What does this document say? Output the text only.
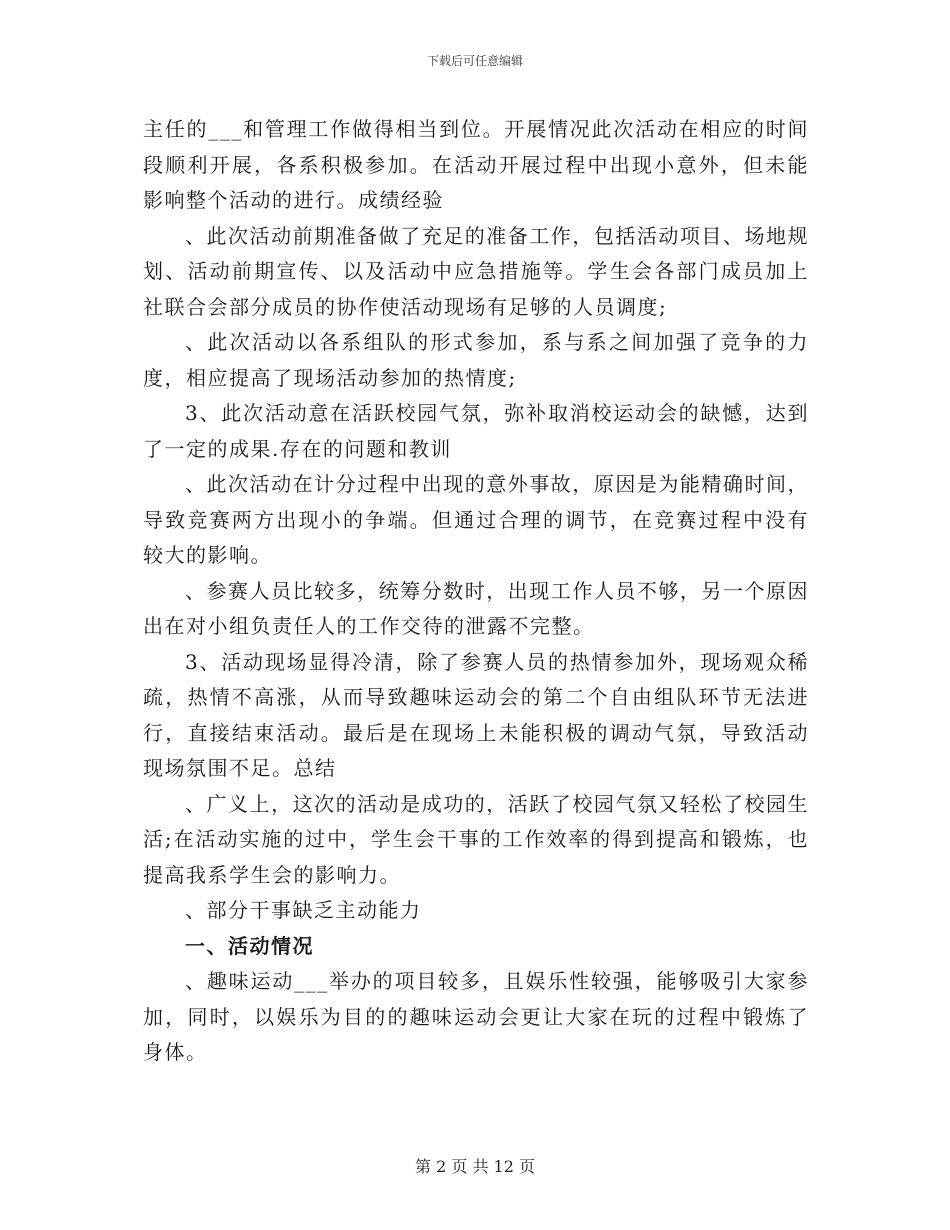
下载后可任意编辑

主任的___和管理工作做得相当到位。开展情况此次活动在相应的时间段顺利开展，各系积极参加。在活动开展过程中出现小意外，但未能影响整个活动的进行。成绩经验

、此次活动前期准备做了充足的准备工作，包括活动项目、场地规划、活动前期宣传、以及活动中应急措施等。学生会各部门成员加上社联合会部分成员的协作使活动现场有足够的人员调度;

、此次活动以各系组队的形式参加，系与系之间加强了竞争的力度，相应提高了现场活动参加的热情度;

3、此次活动意在活跃校园气氛，弥补取消校运动会的缺憾，达到了一定的成果.存在的问题和教训

、此次活动在计分过程中出现的意外事故，原因是为能精确时间，导致竞赛两方出现小的争端。但通过合理的调节，在竞赛过程中没有较大的影响。

、参赛人员比较多，统筹分数时，出现工作人员不够，另一个原因出在对小组负责任人的工作交待的泄露不完整。

3、活动现场显得冷清，除了参赛人员的热情参加外，现场观众稀疏，热情不高涨，从而导致趣味运动会的第二个自由组队环节无法进行，直接结束活动。最后是在现场上未能积极的调动气氛，导致活动现场氛围不足。总结

、广义上，这次的活动是成功的，活跃了校园气氛又轻松了校园生活;在活动实施的过中，学生会干事的工作效率的得到提高和锻炼，也提高我系学生会的影响力。

、部分干事缺乏主动能力

一、活动情况

、趣味运动___举办的项目较多，且娱乐性较强，能够吸引大家参加，同时，以娱乐为目的的趣味运动会更让大家在玩的过程中锻炼了身体。

第 2 页 共 12 页
